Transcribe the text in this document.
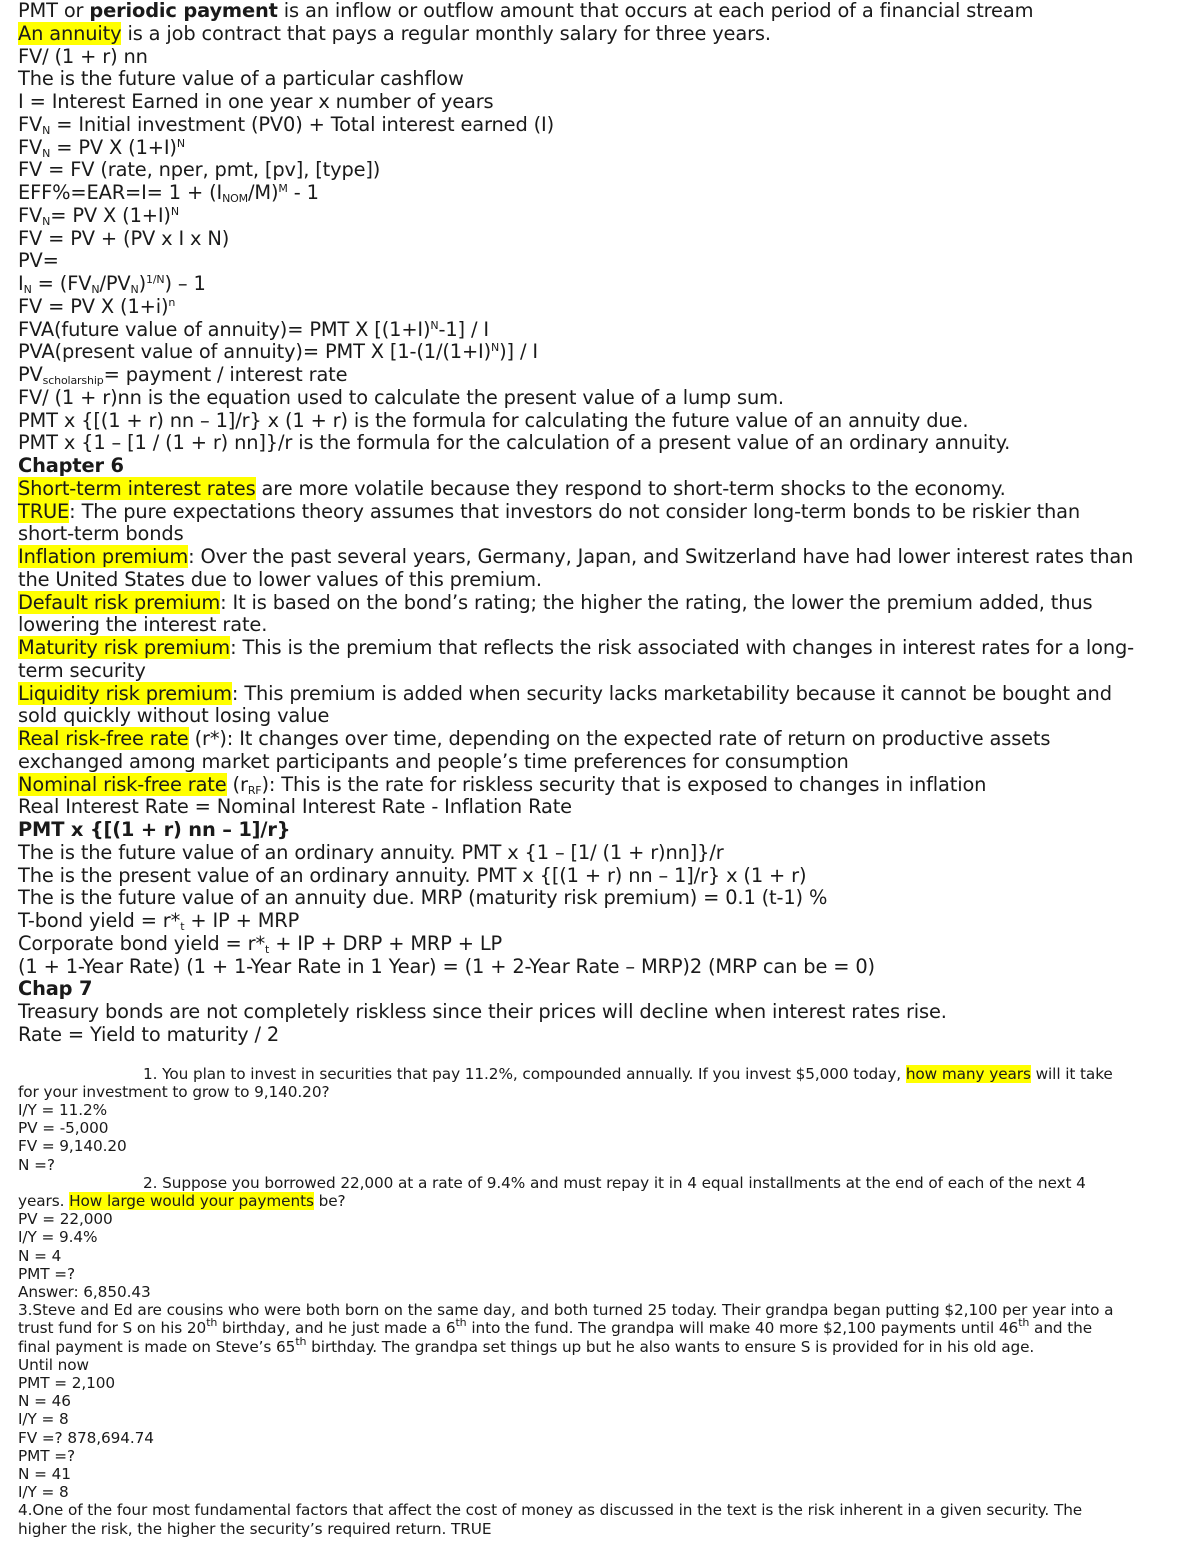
PMT or periodic payment is an inflow or outflow amount that occurs at each period of a financial stream
An annuity is a job contract that pays a regular monthly salary for three years.
FV/ (1 + r) nn
The is the future value of a particular cashflow
I = Interest Earned in one year x number of years
$FV_N$ = Initial investment (PV0) + Total interest earned (I)
$FV_N$ = PV X $(1+I)^N$
FV = FV (rate, nper, pmt, [pv], [type])
$EFF\%=EAR=I= 1 + (I_{NOM}/M)^M - 1$
$FV_N=$ PV X $(1+I)^N$
FV = PV + (PV x I x N)
PV=
$I_N = (FV_N/PV_N)^{1/N}) - 1$
FV = PV X $(1+i)^n$
FVA(future value of annuity)= PMT X $[(1+I)^N-1] / I$
PVA(present value of annuity)= PMT X $[1-(1/(1+I)^N)] / I$
$PV_{scholarship}=$ payment / interest rate
FV/ (1 + r)nn is the equation used to calculate the present value of a lump sum.
PMT x {[(1 + r) nn – 1]/r} x (1 + r) is the formula for calculating the future value of an annuity due.
PMT x {1 – [1 / (1 + r) nn]}/r is the formula for the calculation of a present value of an ordinary annuity.
Chapter 6
Short-term interest rates are more volatile because they respond to short-term shocks to the economy.
TRUE: The pure expectations theory assumes that investors do not consider long-term bonds to be riskier than
short-term bonds
Inflation premium: Over the past several years, Germany, Japan, and Switzerland have had lower interest rates than
the United States due to lower values of this premium.
Default risk premium: It is based on the bond’s rating; the higher the rating, the lower the premium added, thus
lowering the interest rate.
Maturity risk premium: This is the premium that reflects the risk associated with changes in interest rates for a long-
term security
Liquidity risk premium: This premium is added when security lacks marketability because it cannot be bought and
sold quickly without losing value
Real risk-free rate (r*): It changes over time, depending on the expected rate of return on productive assets
exchanged among market participants and people’s time preferences for consumption
Nominal risk-free rate $(r_{RF})$: This is the rate for riskless security that is exposed to changes in inflation
Real Interest Rate = Nominal Interest Rate - Inflation Rate
PMT x {[(1 + r) nn – 1]/r}
The is the future value of an ordinary annuity. PMT x {1 – [1/ (1 + r)nn]}/r
The is the present value of an ordinary annuity. PMT x {[(1 + r) nn – 1]/r} x (1 + r)
The is the future value of an annuity due. MRP (maturity risk premium) = 0.1 (t-1) %
T-bond yield = $r*_t$ + IP + MRP
Corporate bond yield = $r*_t$ + IP + DRP + MRP + LP
(1 + 1-Year Rate) (1 + 1-Year Rate in 1 Year) = (1 + 2-Year Rate – MRP)2 (MRP can be = 0)
Chap 7
Treasury bonds are not completely riskless since their prices will decline when interest rates rise.
Rate = Yield to maturity / 2
1. You plan to invest in securities that pay 11.2%, compounded annually. If you invest $5,000 today, how many years will it take
for your investment to grow to 9,140.20?
I/Y = 11.2%
PV = -5,000
FV = 9,140.20
N =?
2. Suppose you borrowed 22,000 at a rate of 9.4% and must repay it in 4 equal installments at the end of each of the next 4
years. How large would your payments be?
PV = 22,000
I/Y = 9.4%
N = 4
PMT =?
Answer: 6,850.43
3.Steve and Ed are cousins who were both born on the same day, and both turned 25 today. Their grandpa began putting $2,100 per year into a
trust fund for S on his 20th birthday, and he just made a 6th into the fund. The grandpa will make 40 more $2,100 payments until 46th and the
final payment is made on Steve’s 65th birthday. The grandpa set things up but he also wants to ensure S is provided for in his old age.
Until now
PMT = 2,100
N = 46
I/Y = 8
FV =? 878,694.74
PMT =?
N = 41
I/Y = 8
4.One of the four most fundamental factors that affect the cost of money as discussed in the text is the risk inherent in a given security. The
higher the risk, the higher the security’s required return. TRUE
